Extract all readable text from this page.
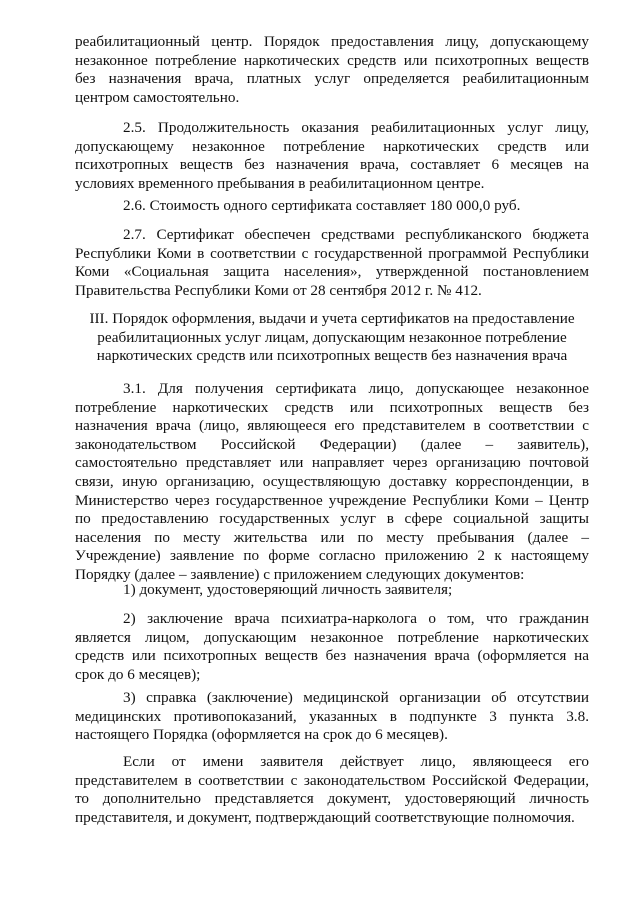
реабилитационный центр. Порядок предоставления лицу, допускающему незаконное потребление наркотических средств или психотропных веществ без назначения врача, платных услуг определяется реабилитационным центром самостоятельно.

2.5. Продолжительность оказания реабилитационных услуг лицу, допускающему незаконное потребление наркотических средств или психотропных веществ без назначения врача, составляет 6 месяцев на условиях временного пребывания в реабилитационном центре.

2.6. Стоимость одного сертификата составляет 180 000,0 руб.

2.7. Сертификат обеспечен средствами республиканского бюджета Республики Коми в соответствии с государственной программой Республики Коми «Социальная защита населения», утвержденной постановлением Правительства Республики Коми от 28 сентября 2012 г. № 412.

III. Порядок оформления, выдачи и учета сертификатов на предоставление реабилитационных услуг лицам, допускающим незаконное потребление наркотических средств или психотропных веществ без назначения врача

3.1. Для получения сертификата лицо, допускающее незаконное потребление наркотических средств или психотропных веществ без назначения врача (лицо, являющееся его представителем в соответствии с законодательством Российской Федерации) (далее – заявитель), самостоятельно представляет или направляет через организацию почтовой связи, иную организацию, осуществляющую доставку корреспонденции, в Министерство через государственное учреждение Республики Коми – Центр по предоставлению государственных услуг в сфере социальной защиты населения по месту жительства или по месту пребывания (далее – Учреждение) заявление по форме согласно приложению 2 к настоящему Порядку (далее – заявление) с приложением следующих документов:

1) документ, удостоверяющий личность заявителя;

2) заключение врача психиатра-нарколога о том, что гражданин является лицом, допускающим незаконное потребление наркотических средств или психотропных веществ без назначения врача (оформляется на срок до 6 месяцев);

3) справка (заключение) медицинской организации об отсутствии медицинских противопоказаний, указанных в подпункте 3 пункта 3.8. настоящего Порядка (оформляется на срок до 6 месяцев).

Если от имени заявителя действует лицо, являющееся его представителем в соответствии с законодательством Российской Федерации, то дополнительно представляется документ, удостоверяющий личность представителя, и документ, подтверждающий соответствующие полномочия.
